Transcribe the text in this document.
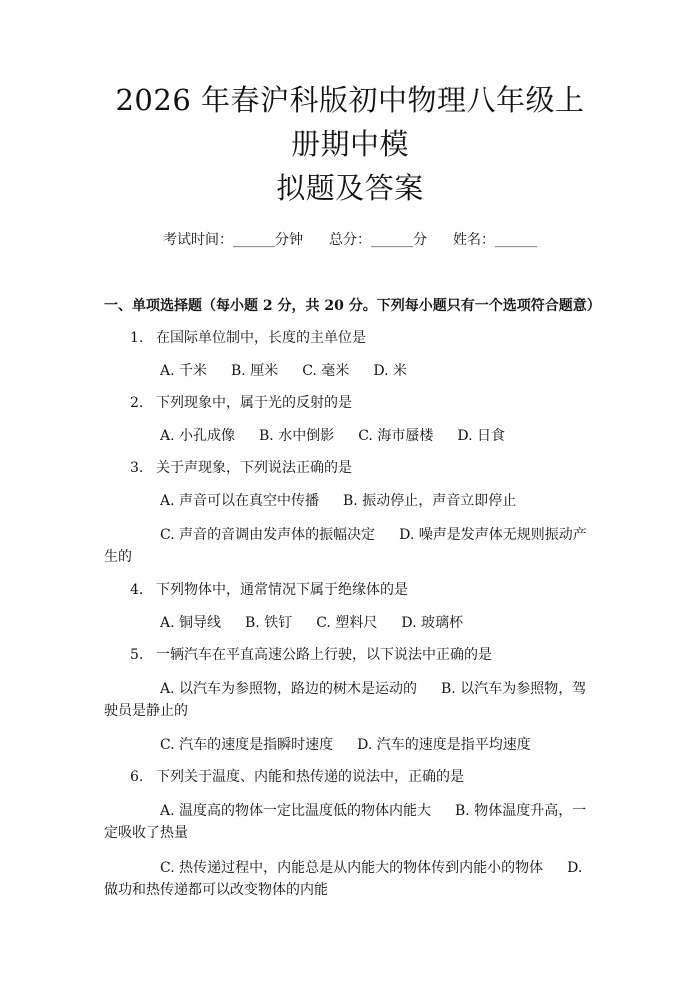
2026 年春沪科版初中物理八年级上册期中模
拟题及答案
考试时间：______分钟 总分：______分 姓名：______
一、单项选择题（每小题 2 分，共 20 分。下列每小题只有一个选项符合题意）
1. 在国际单位制中，长度的主单位是
A. 千米 B. 厘米 C. 毫米 D. 米
2. 下列现象中，属于光的反射的是
A. 小孔成像 B. 水中倒影 C. 海市蜃楼 D. 日食
3. 关于声现象，下列说法正确的是
A. 声音可以在真空中传播 B. 振动停止，声音立即停止
C. 声音的音调由发声体的振幅决定 D. 噪声是发声体无规则振动产生的
4. 下列物体中，通常情况下属于绝缘体的是
A. 铜导线 B. 铁钉 C. 塑料尺 D. 玻璃杯
5. 一辆汽车在平直高速公路上行驶，以下说法中正确的是
A. 以汽车为参照物，路边的树木是运动的 B. 以汽车为参照物，驾驶员是静止的
C. 汽车的速度是指瞬时速度 D. 汽车的速度是指平均速度
6. 下列关于温度、内能和热传递的说法中，正确的是
A. 温度高的物体一定比温度低的物体内能大 B. 物体温度升高，一定吸收了热量
C. 热传递过程中，内能总是从内能大的物体传到内能小的物体 D. 做功和热传递都可以改变物体的内能
